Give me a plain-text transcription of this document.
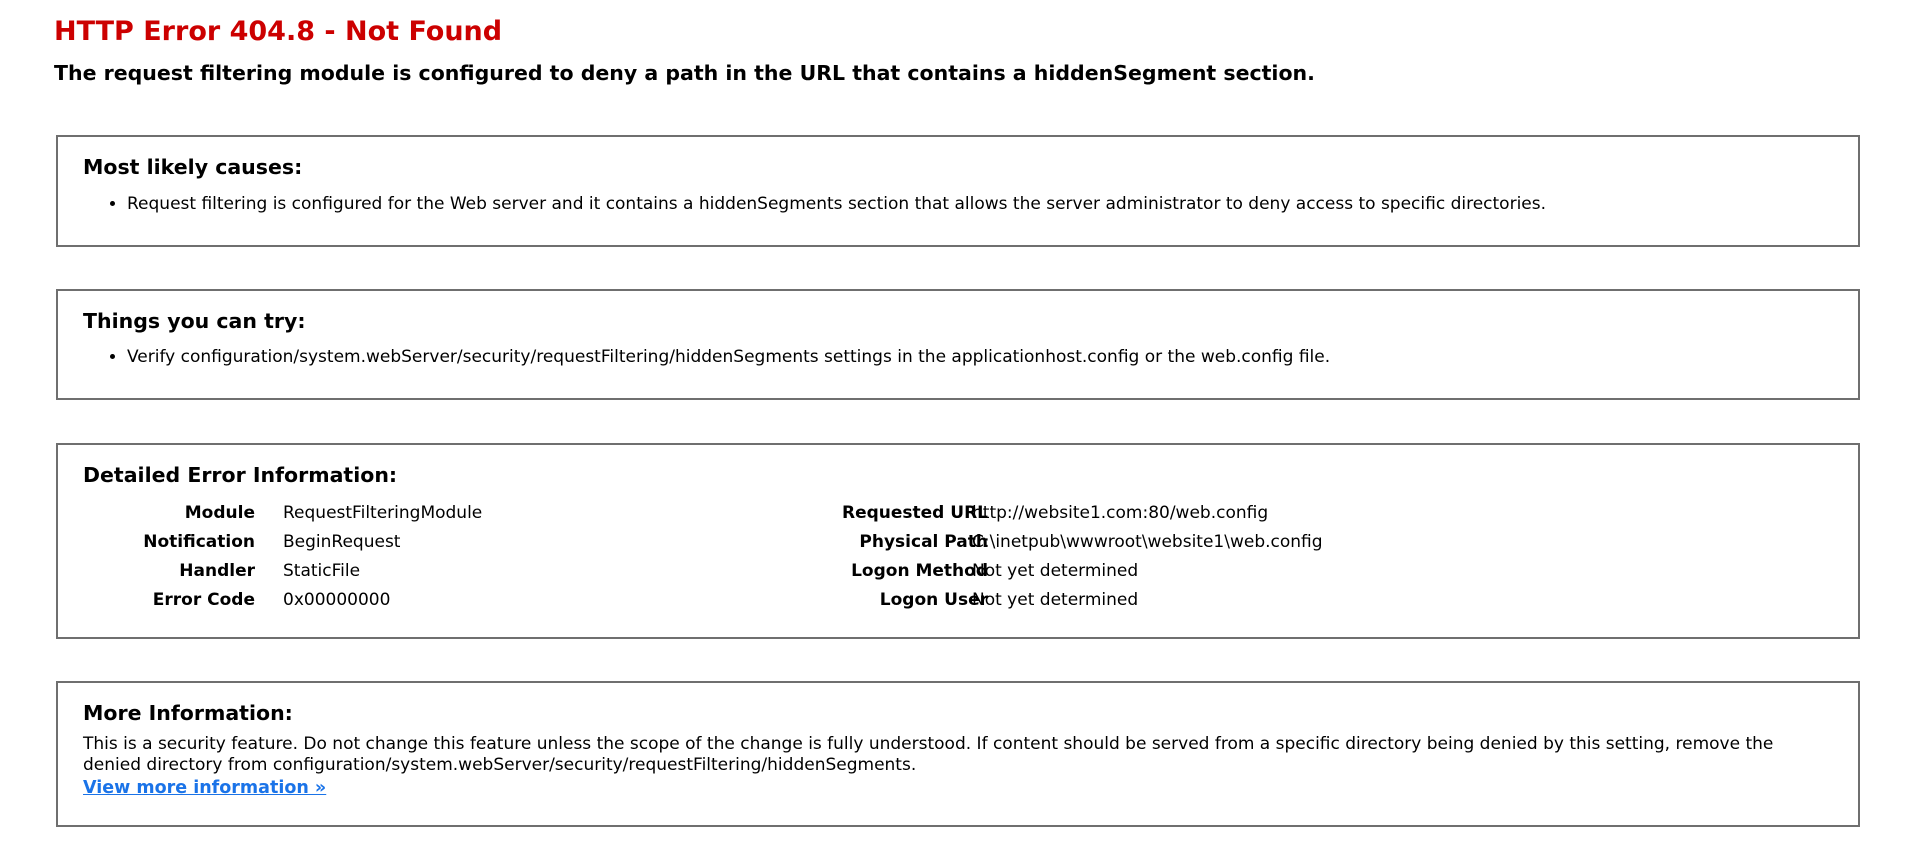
HTTP Error 404.8 - Not Found
The request filtering module is configured to deny a path in the URL that contains a hiddenSegment section.
Most likely causes:
• Request filtering is configured for the Web server and it contains a hiddenSegments section that allows the server administrator to deny access to specific directories.
Things you can try:
• Verify configuration/system.webServer/security/requestFiltering/hiddenSegments settings in the applicationhost.config or the web.config file.
Detailed Error Information:
Module
Notification
Handler
Error Code
RequestFilteringModule
BeginRequest
StaticFile
0x00000000
Requested URL
Physical Path
Logon Method
Logon User
http://website1.com:80/web.config
C:\inetpub\wwwroot\website1\web.config
Not yet determined
Not yet determined
More Information:

This is a security feature. Do not change this feature unless the scope of the change is fully understood. If content should be served from a specific directory being denied by this setting, remove the denied directory from configuration/system.webServer/security/requestFiltering/hiddenSegments.

View more information »
